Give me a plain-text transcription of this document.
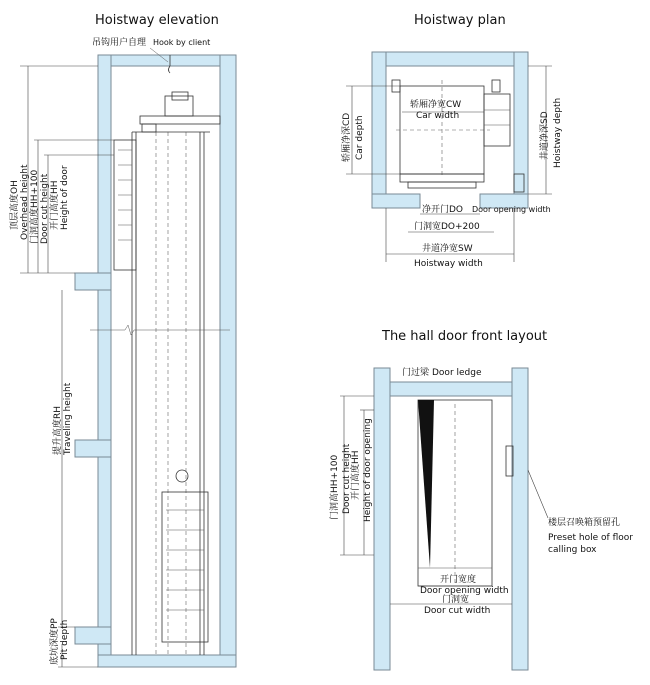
Hoistway elevation
吊钩用户自理 Hook by client
顶层高度OH Overhead height 门洞高度HH+100 Door cut height 开门高度HH Height of door
提升高度RH Traveling height
底坑深度PP Pit depth
Hoistway plan
轿厢净宽CW
Car width
轿厢净深CD Car depth	井道净深SD Hoistway depth
净开门DO Door opening width
门洞宽DO+200
井道净宽SW
Hoistway width
The hall door front layout
门过梁 Door ledge
门洞高HH+100 Door cut height 开门高度HH Height of door opening
楼层召唤箱预留孔
Preset hole of floor
calling box
开门宽度
Door opening width
门洞宽
Door cut width
